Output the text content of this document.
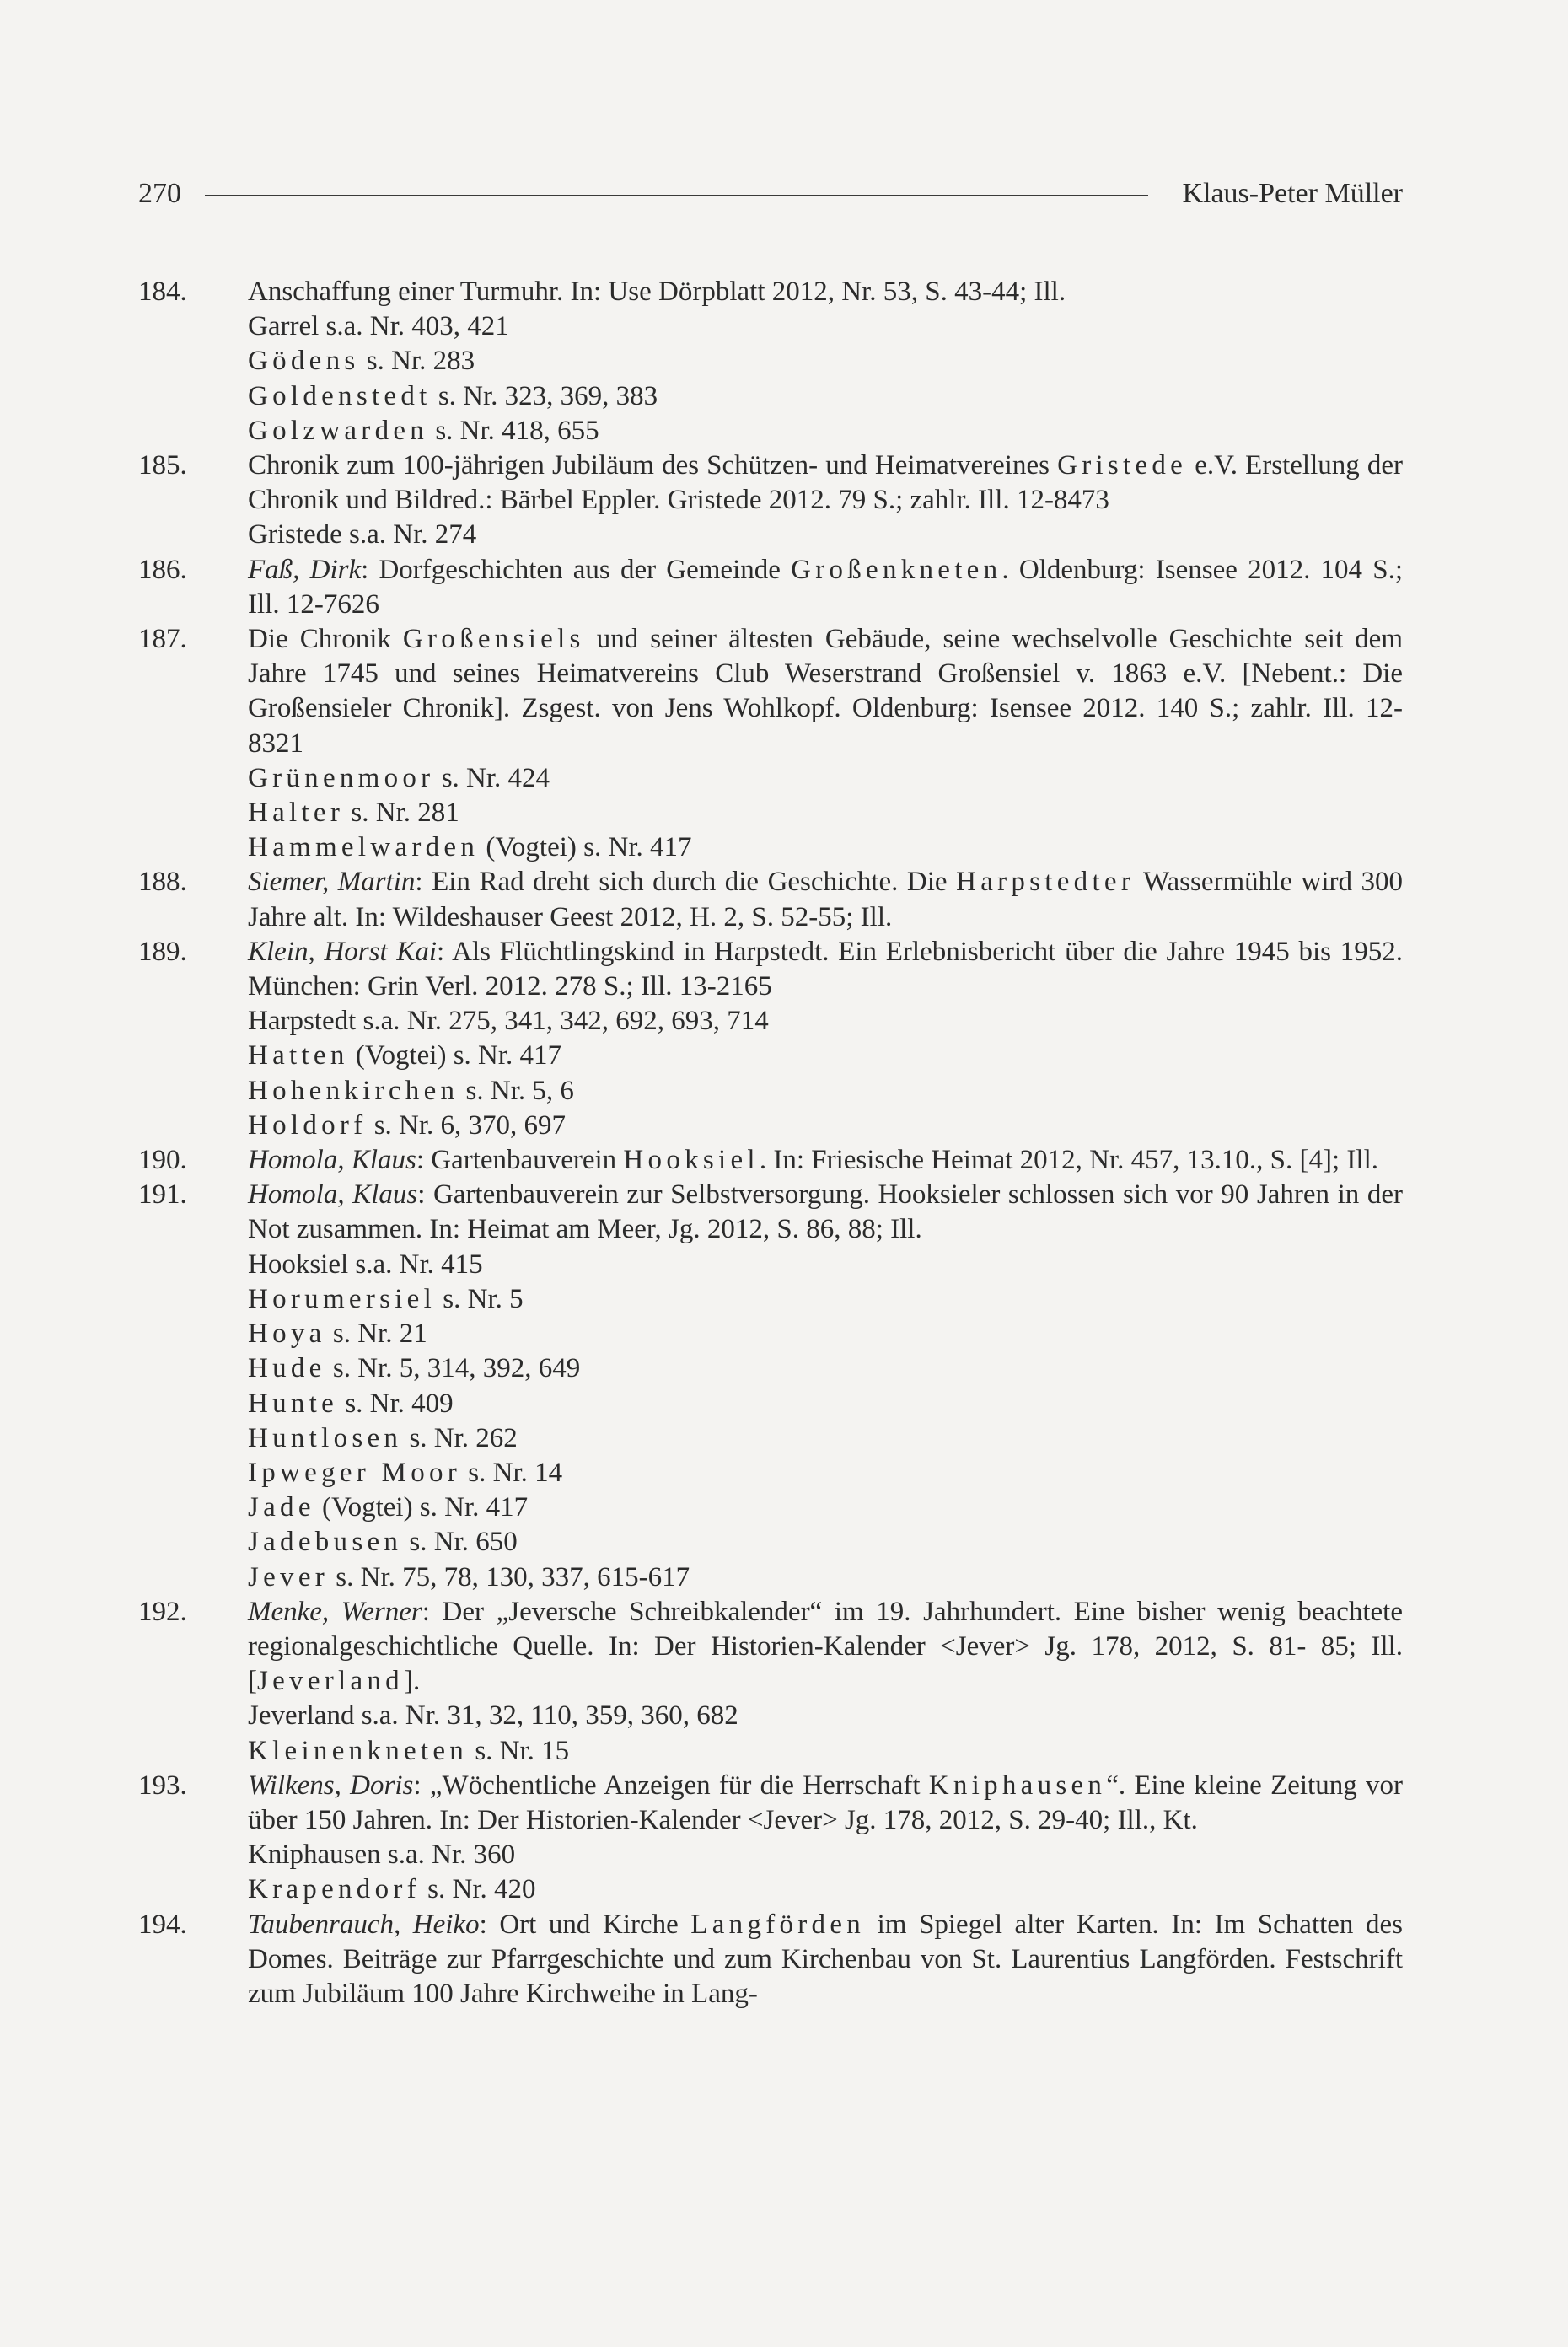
270	Klaus-Peter Müller
184. Anschaffung einer Turmuhr. In: Use Dörpblatt 2012, Nr. 53, S. 43-44; Ill.
Garrel s.a. Nr. 403, 421
Gödens s. Nr. 283
Goldenstedt s. Nr. 323, 369, 383
Golzwarden s. Nr. 418, 655
185. Chronik zum 100-jährigen Jubiläum des Schützen- und Heimatvereines Gristede e.V. Erstellung der Chronik und Bildred.: Bärbel Eppler. Gristede 2012. 79 S.; zahlr. Ill. 12-8473
Gristede s.a. Nr. 274
186. Faß, Dirk: Dorfgeschichten aus der Gemeinde Großenkneten. Oldenburg: Isensee 2012. 104 S.; Ill. 12-7626
187. Die Chronik Großensiels und seiner ältesten Gebäude, seine wechselvolle Geschichte seit dem Jahre 1745 und seines Heimatvereins Club Weserstrand Großensiel v. 1863 e.V. [Nebent.: Die Großensieler Chronik]. Zsgest. von Jens Wohlkopf. Oldenburg: Isensee 2012. 140 S.; zahlr. Ill. 12-8321
Grünenmoor s. Nr. 424
Halter s. Nr. 281
Hammelwarden (Vogtei) s. Nr. 417
188. Siemer, Martin: Ein Rad dreht sich durch die Geschichte. Die Harpstedter Wassermühle wird 300 Jahre alt. In: Wildeshauser Geest 2012, H. 2, S. 52-55; Ill.
189. Klein, Horst Kai: Als Flüchtlingskind in Harpstedt. Ein Erlebnisbericht über die Jahre 1945 bis 1952. München: Grin Verl. 2012. 278 S.; Ill. 13-2165
Harpstedt s.a. Nr. 275, 341, 342, 692, 693, 714
Hatten (Vogtei) s. Nr. 417
Hohenkirchen s. Nr. 5, 6
Holdorf s. Nr. 6, 370, 697
190. Homola, Klaus: Gartenbauverein Hooksiel. In: Friesische Heimat 2012, Nr. 457, 13.10., S. [4]; Ill.
191. Homola, Klaus: Gartenbauverein zur Selbstversorgung. Hooksieler schlossen sich vor 90 Jahren in der Not zusammen. In: Heimat am Meer, Jg. 2012, S. 86, 88; Ill.
Hooksiel s.a. Nr. 415
Horumersiel s. Nr. 5
Hoya s. Nr. 21
Hude s. Nr. 5, 314, 392, 649
Hunte s. Nr. 409
Huntlosen s. Nr. 262
Ipweger Moor s. Nr. 14
Jade (Vogtei) s. Nr. 417
Jadebusen s. Nr. 650
Jever s. Nr. 75, 78, 130, 337, 615-617
192. Menke, Werner: Der „Jeversche Schreibkalender“ im 19. Jahrhundert. Eine bisher wenig beachtete regionalgeschichtliche Quelle. In: Der Historien-Kalender <Jever> Jg. 178, 2012, S. 81- 85; Ill. [Jeverland].
Jeverland s.a. Nr. 31, 32, 110, 359, 360, 682
Kleinenkneten s. Nr. 15
193. Wilkens, Doris: „Wöchentliche Anzeigen für die Herrschaft Kniphausen“. Eine kleine Zeitung vor über 150 Jahren. In: Der Historien-Kalender <Jever> Jg. 178, 2012, S. 29-40; Ill., Kt.
Kniphausen s.a. Nr. 360
Krapendorf s. Nr. 420
194. Taubenrauch, Heiko: Ort und Kirche Langförden im Spiegel alter Karten. In: Im Schatten des Domes. Beiträge zur Pfarrgeschichte und zum Kirchenbau von St. Laurentius Langförden. Festschrift zum Jubiläum 100 Jahre Kirchweihe in Lang-
